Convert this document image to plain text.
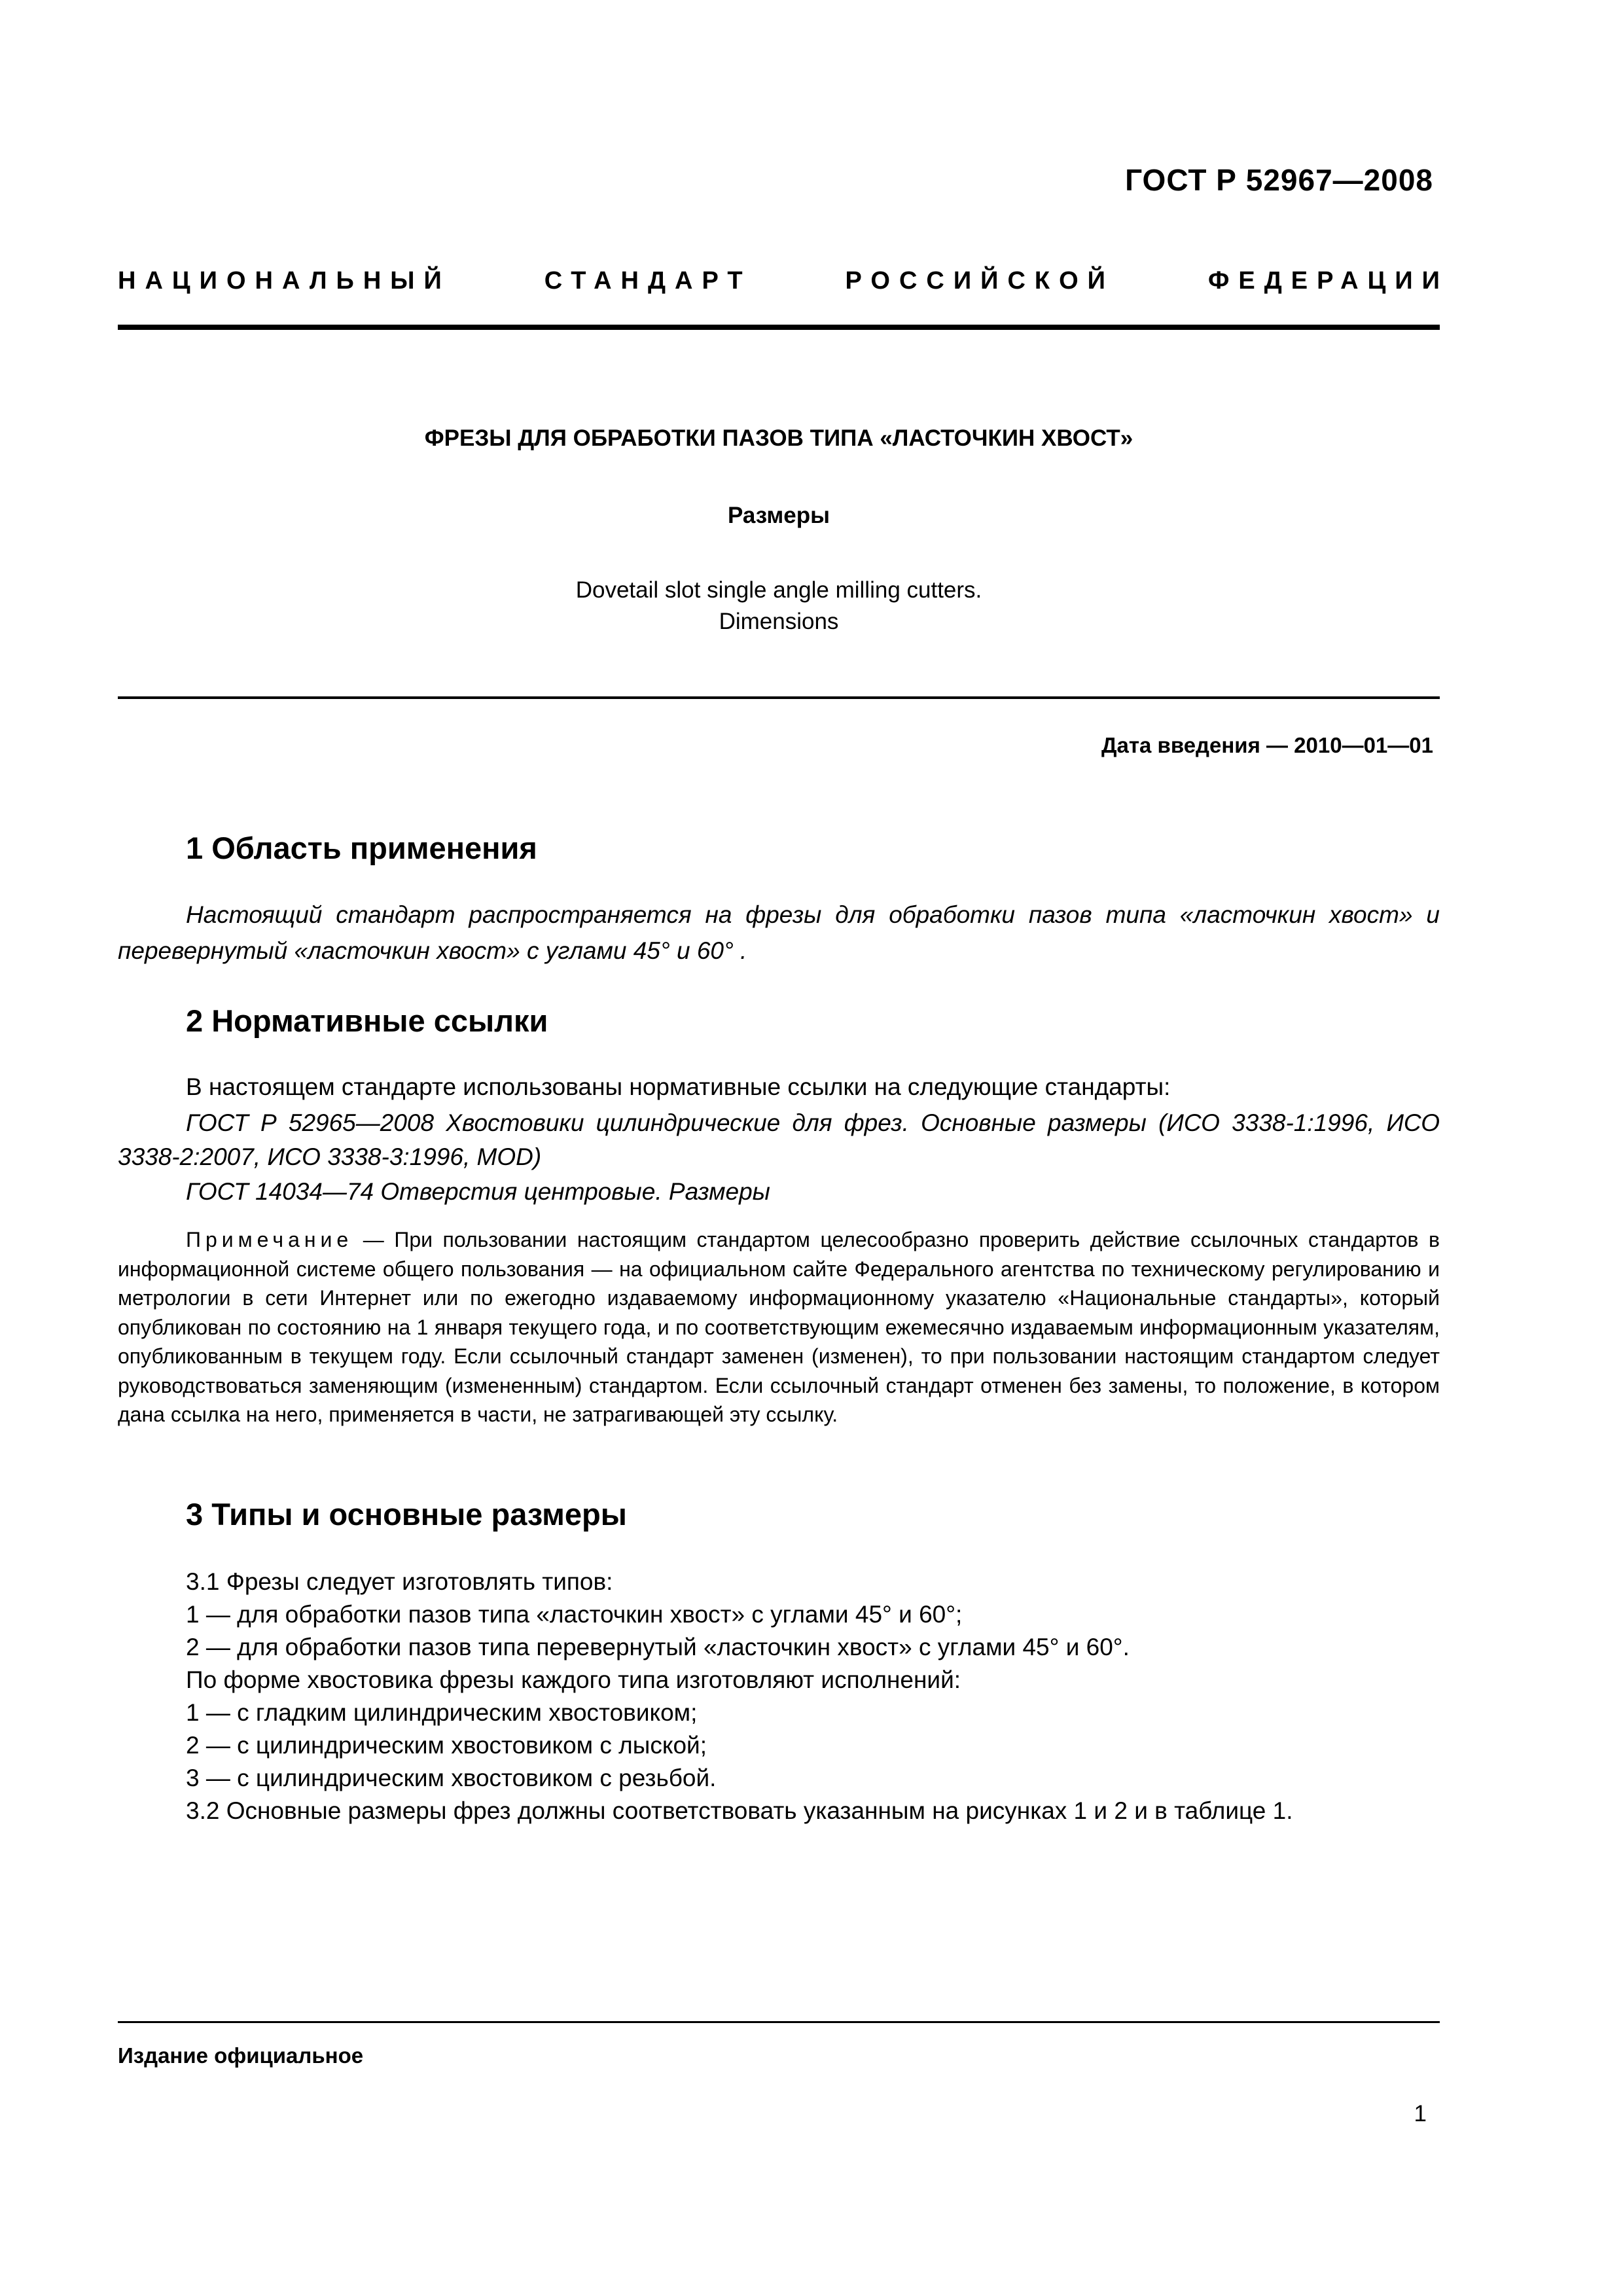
ГОСТ Р 52967—2008
НАЦИОНАЛЬНЫЙ	СТАНДАРТ	РОССИЙСКОЙ	ФЕДЕРАЦИИ
ФРЕЗЫ ДЛЯ ОБРАБОТКИ ПАЗОВ ТИПА «ЛАСТОЧКИН ХВОСТ»
Размеры
Dovetail slot single angle milling cutters.
Dimensions
Дата введения — 2010—01—01
1 Область применения
Настоящий стандарт распространяется на фрезы для обработки пазов типа «ласточкин хвост» и перевернутый «ласточкин хвост» с углами 45° и 60° .
2 Нормативные ссылки
В настоящем стандарте использованы нормативные ссылки на следующие стандарты:
ГОСТ Р 52965—2008 Хвостовики цилиндрические для фрез. Основные размеры (ИСО 3338-1:1996, ИСО 3338-2:2007, ИСО 3338-3:1996, MOD)
ГОСТ 14034—74 Отверстия центровые. Размеры
Примечание — При пользовании настоящим стандартом целесообразно проверить действие ссылочных стандартов в информационной системе общего пользования — на официальном сайте Федерального агентства по техническому регулированию и метрологии в сети Интернет или по ежегодно издаваемому информационному указателю «Национальные стандарты», который опубликован по состоянию на 1 января текущего года, и по соответствующим ежемесячно издаваемым информационным указателям, опубликованным в текущем году. Если ссылочный стандарт заменен (изменен), то при пользовании настоящим стандартом следует руководствоваться заменяющим (измененным) стандартом. Если ссылочный стандарт отменен без замены, то положение, в котором дана ссылка на него, применяется в части, не затрагивающей эту ссылку.
3 Типы и основные размеры
3.1 Фрезы следует изготовлять типов:
1 — для обработки пазов типа «ласточкин хвост» с углами 45° и 60°;
2 — для обработки пазов типа перевернутый «ласточкин хвост» с углами 45° и 60°.
По форме хвостовика фрезы каждого типа изготовляют исполнений:
1 — с гладким цилиндрическим хвостовиком;
2 — с цилиндрическим хвостовиком с лыской;
3 — с цилиндрическим хвостовиком с резьбой.
3.2 Основные размеры фрез должны соответствовать указанным на рисунках 1 и 2 и в таблице 1.
Издание официальное
1
